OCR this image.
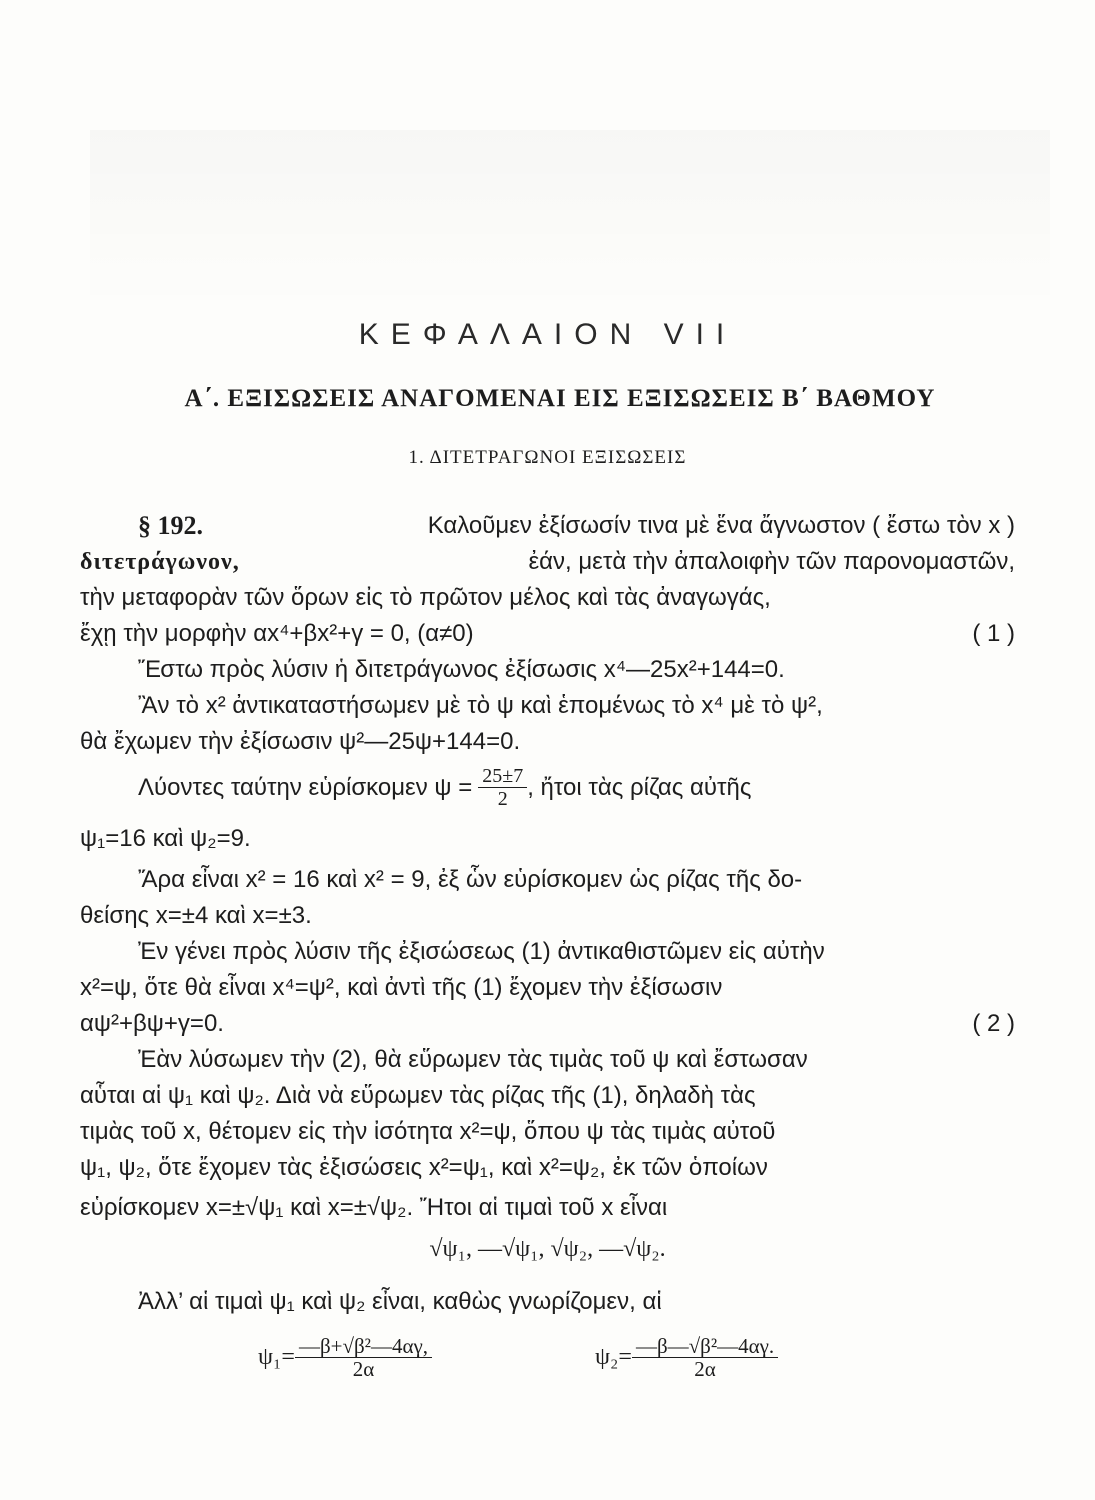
ΚΕΦΑΛΑΙΟΝ VII
Α΄. ΕΞΙΣΩΣΕΙΣ ΑΝΑΓΟΜΕΝΑΙ ΕΙΣ ΕΞΙΣΩΣΕΙΣ Β΄ ΒΑΘΜΟΥ
1. ΔΙΤΕΤΡΑΓΩΝΟΙ ΕΞΙΣΩΣΕΙΣ
§ 192.	Καλοῦμεν ἐξίσωσίν τινα μὲ ἕνα ἄγνωστον ( ἔστω τὸν x )
διτετράγωνον,	ἐάν, μετὰ τὴν ἀπαλοιφὴν τῶν παρονομαστῶν,
τὴν μεταφορὰν τῶν ὅρων εἰς τὸ πρῶτον μέλος καὶ τὰς ἀναγωγάς,
ἔχῃ τὴν μορφὴν αx⁴+βx²+γ = 0, (α≠0)	( 1 )
Ἔστω πρὸς λύσιν ἡ διτετράγωνος ἐξίσωσις x⁴—25x²+144=0.
Ἂν τὸ x² ἀντικαταστήσωμεν μὲ τὸ ψ καὶ ἑπομένως τὸ x⁴ μὲ τὸ ψ²,
θὰ ἔχωμεν τὴν ἐξίσωσιν ψ²—25ψ+144=0.
Λύοντες ταύτην εὑρίσκομεν $\psi = \frac{25\pm 7}{2}$ , ἤτοι τὰς ρίζας αὐτῆς
ψ₁=16 καὶ ψ₂=9.
Ἄρα εἶναι x² = 16 καὶ x² = 9, ἐξ ὧν εὑρίσκομεν ὡς ρίζας τῆς δο-
θείσης x=±4 καὶ x=±3.
Ἐν γένει πρὸς λύσιν τῆς ἐξισώσεως (1) ἀντικαθιστῶμεν εἰς αὐτὴν
x²=ψ, ὅτε θὰ εἶναι x⁴=ψ², καὶ ἀντὶ τῆς (1) ἔχομεν τὴν ἐξίσωσιν
αψ²+βψ+γ=0.	( 2 )
Ἐὰν λύσωμεν τὴν (2), θὰ εὕρωμεν τὰς τιμὰς τοῦ ψ καὶ ἔστωσαν
αὗται αἱ ψ₁ καὶ ψ₂. Διὰ νὰ εὕρωμεν τὰς ρίζας τῆς (1), δηλαδὴ τὰς
τιμὰς τοῦ x, θέτομεν εἰς τὴν ἰσότητα x²=ψ, ὅπου ψ τὰς τιμὰς αὐτοῦ
ψ₁, ψ₂, ὅτε ἔχομεν τὰς ἐξισώσεις x²=ψ₁, καὶ x²=ψ₂, ἐκ τῶν ὁποίων
εὑρίσκομεν x=±√ψ₁ καὶ x=±√ψ₂. Ἤτοι αἱ τιμαὶ τοῦ x εἶναι
√ψ₁, —√ψ₁, √ψ₂, —√ψ₂.
Ἀλλ’ αἱ τιμαὶ ψ₁ καὶ ψ₂ εἶναι, καθὼς γνωρίζομεν, αἱ
$\psi_1= \frac{\text{—β+√β²—4αγ,}}{2\alpha}$	$\psi_2= \frac{\text{—β—√β²—4αγ.}}{2\alpha}$
